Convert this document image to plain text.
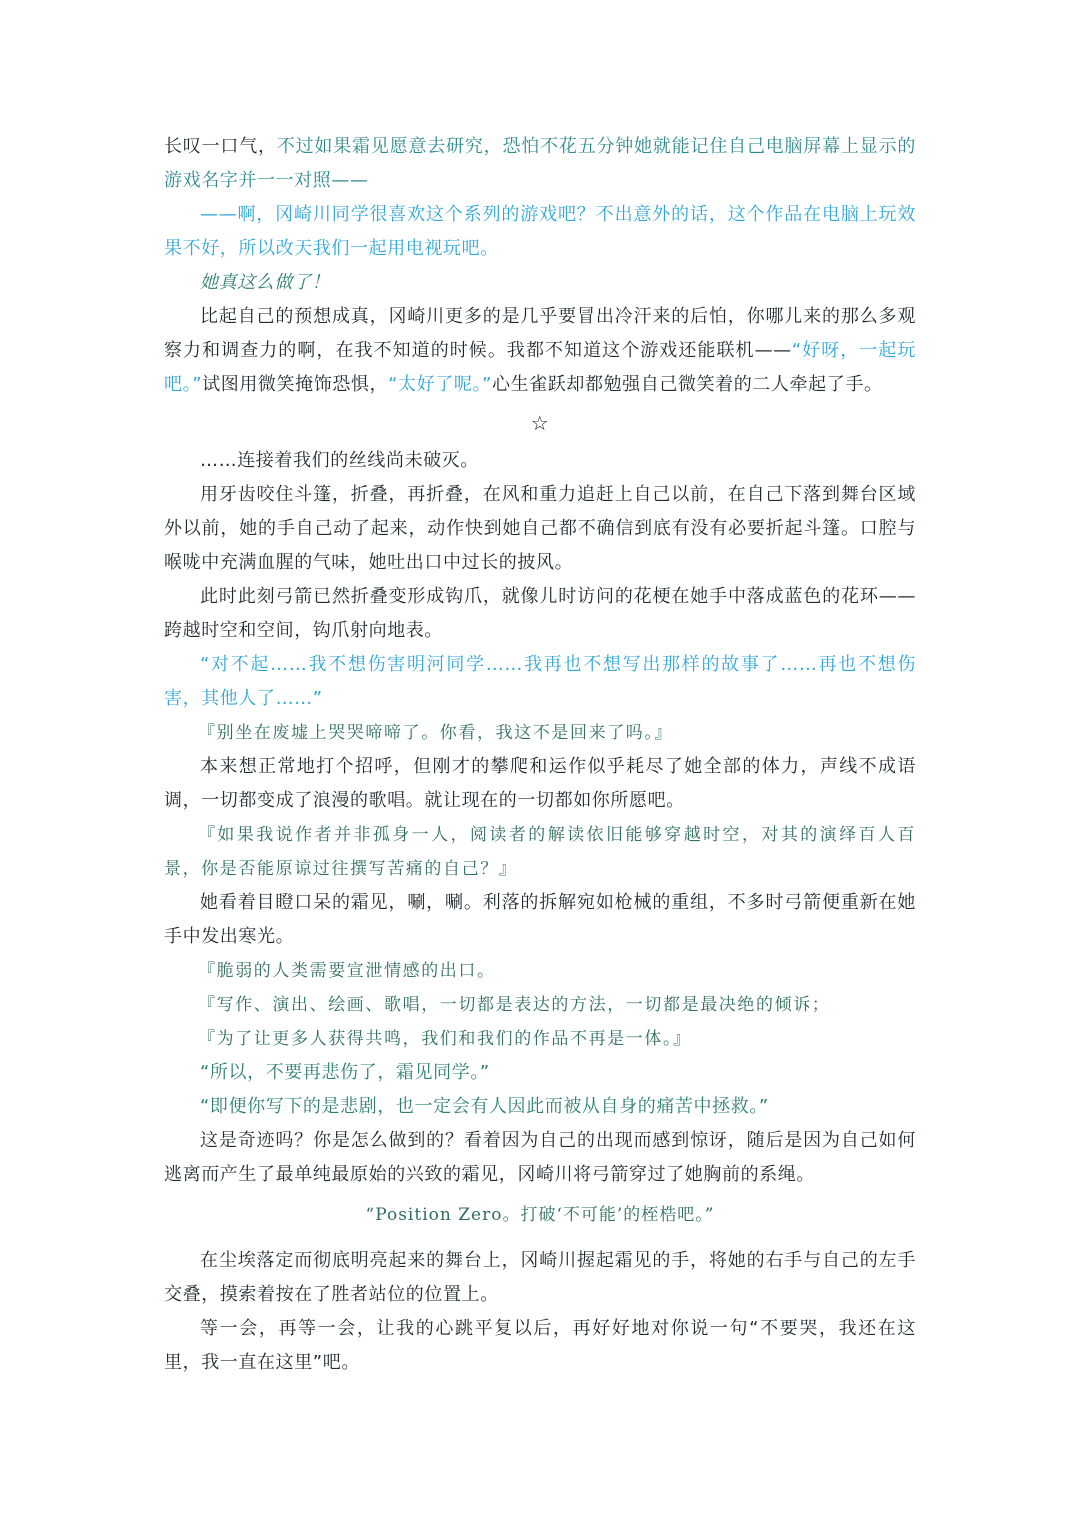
长叹一口气，不过如果霜见愿意去研究，恐怕不花五分钟她就能记住自己电脑屏幕上显示的游戏名字并一一对照——

——啊，冈崎川同学很喜欢这个系列的游戏吧？不出意外的话，这个作品在电脑上玩效果不好，所以改天我们一起用电视玩吧。

她真这么做了！

比起自己的预想成真，冈崎川更多的是几乎要冒出冷汗来的后怕，你哪儿来的那么多观察力和调查力的啊，在我不知道的时候。我都不知道这个游戏还能联机——“好呀，一起玩吧。”试图用微笑掩饰恐惧，“太好了呢。”心生雀跃却都勉强自己微笑着的二人牵起了手。

☆

……连接着我们的丝线尚未破灭。

用牙齿咬住斗篷，折叠，再折叠，在风和重力追赶上自己以前，在自己下落到舞台区域外以前，她的手自己动了起来，动作快到她自己都不确信到底有没有必要折起斗篷。口腔与喉咙中充满血腥的气味，她吐出口中过长的披风。

此时此刻弓箭已然折叠变形成钩爪，就像儿时访问的花梗在她手中落成蓝色的花环——跨越时空和空间，钩爪射向地表。

“对不起……我不想伤害明河同学……我再也不想写出那样的故事了……再也不想伤害，其他人了……”

『别坐在废墟上哭哭啼啼了。你看，我这不是回来了吗。』

本来想正常地打个招呼，但刚才的攀爬和运作似乎耗尽了她全部的体力，声线不成语调，一切都变成了浪漫的歌唱。就让现在的一切都如你所愿吧。

『如果我说作者并非孤身一人，阅读者的解读依旧能够穿越时空，对其的演绎百人百景，你是否能原谅过往撰写苦痛的自己？』

她看着目瞪口呆的霜见，唰，唰。利落的拆解宛如枪械的重组，不多时弓箭便重新在她手中发出寒光。

『脆弱的人类需要宣泄情感的出口。

『写作、演出、绘画、歌唱，一切都是表达的方法，一切都是最决绝的倾诉；

『为了让更多人获得共鸣，我们和我们的作品不再是一体。』

“所以，不要再悲伤了，霜见同学。”

“即便你写下的是悲剧，也一定会有人因此而被从自身的痛苦中拯救。”

这是奇迹吗？你是怎么做到的？看着因为自己的出现而感到惊讶，随后是因为自己如何逃离而产生了最单纯最原始的兴致的霜见，冈崎川将弓箭穿过了她胸前的系绳。

“Position Zero。打破‘不可能’的桎梏吧。”

在尘埃落定而彻底明亮起来的舞台上，冈崎川握起霜见的手，将她的右手与自己的左手交叠，摸索着按在了胜者站位的位置上。

等一会，再等一会，让我的心跳平复以后，再好好地对你说一句“不要哭，我还在这里，我一直在这里”吧。
